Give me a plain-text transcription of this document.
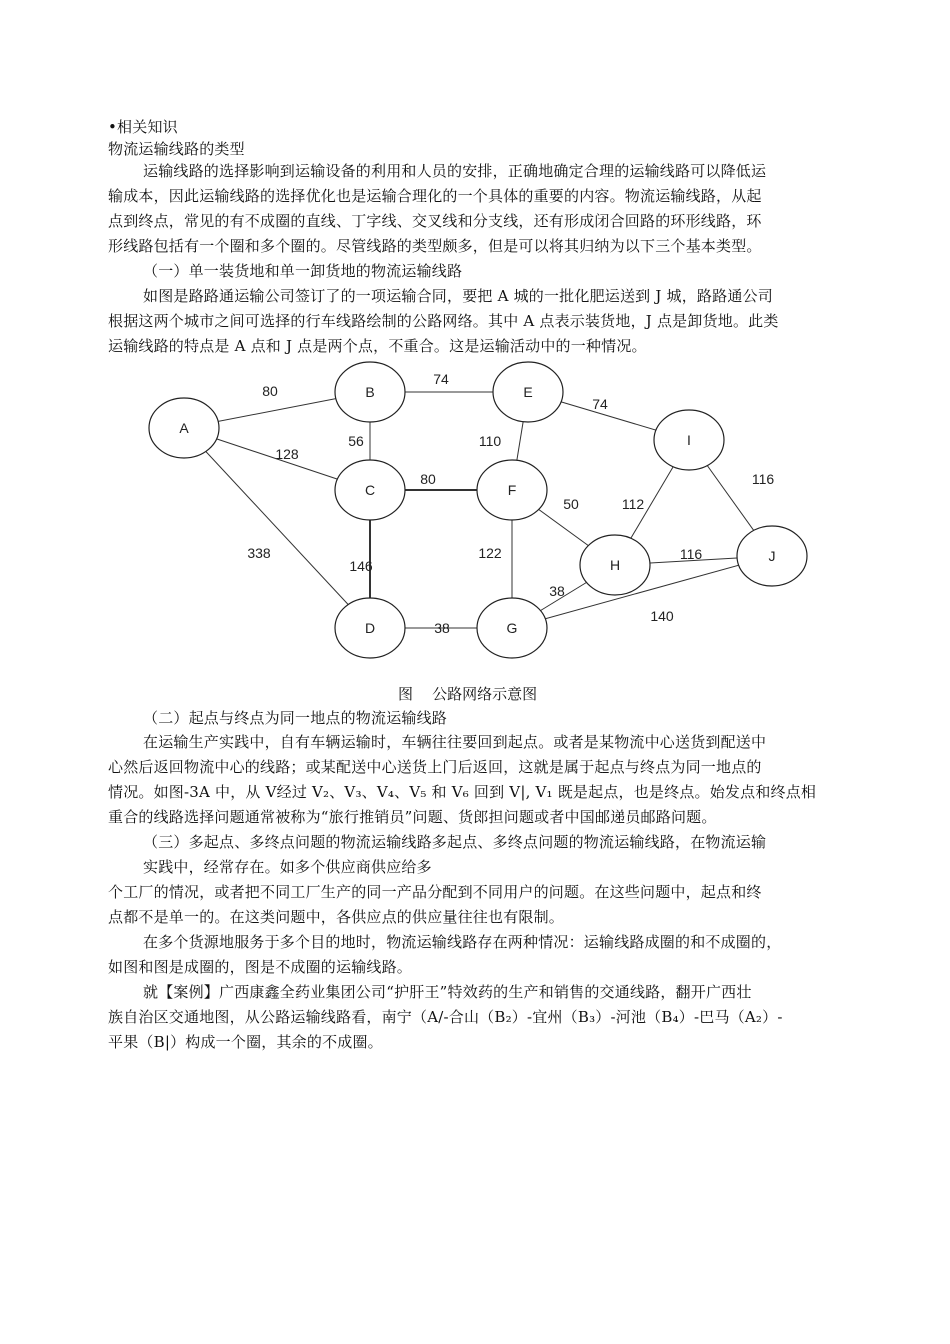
•相关知识
物流运输线路的类型
运输线路的选择影响到运输设备的利用和人员的安排，正确地确定合理的运输线路可以降低运
输成本，因此运输线路的选择优化也是运输合理化的一个具体的重要的内容。物流运输线路，从起
点到终点，常见的有不成圈的直线、丁字线、交叉线和分支线，还有形成闭合回路的环形线路，环
形线路包括有一个圈和多个圈的。尽管线路的类型颇多，但是可以将其归纳为以下三个基本类型。
（一）单一装货地和单一卸货地的物流运输线路
如图是路路通运输公司签订了的一项运输合同，要把 A 城的一批化肥运送到 J 城，路路通公司
根据这两个城市之间可选择的行车线路绘制的公路网络。其中 A 点表示装货地，J 点是卸货地。此类
运输线路的特点是 A 点和 J 点是两个点，不重合。这是运输活动中的一种情况。
A
B
C
D
E
F
G
H
I
J
80
128
338
56
74
80
146
110
74
50
122
38
38
140
112
116
116
图    公路网络示意图
（二）起点与终点为同一地点的物流运输线路
在运输生产实践中，自有车辆运输时，车辆往往要回到起点。或者是某物流中心送货到配送中
心然后返回物流中心的线路；或某配送中心送货上门后返回，这就是属于起点与终点为同一地点的
情况。如图-3A 中，从 V经过 V₂、V₃、V₄、V₅ 和 V₆ 回到 V|, V₁ 既是起点，也是终点。始发点和终点相
重合的线路选择问题通常被称为“旅行推销员”问题、货郎担问题或者中国邮递员邮路问题。
（三）多起点、多终点问题的物流运输线路多起点、多终点问题的物流运输线路，在物流运输
实践中，经常存在。如多个供应商供应给多
个工厂的情况，或者把不同工厂生产的同一产品分配到不同用户的问题。在这些问题中，起点和终
点都不是单一的。在这类问题中，各供应点的供应量往往也有限制。
在多个货源地服务于多个目的地时，物流运输线路存在两种情况：运输线路成圈的和不成圈的，
如图和图是成圈的，图是不成圈的运输线路。
就【案例】广西康鑫全药业集团公司“护肝王”特效药的生产和销售的交通线路，翻开广西壮
族自治区交通地图，从公路运输线路看，南宁（A/-合山（B₂）-宜州（B₃）-河池（B₄）-巴马（A₂）-
平果（B|）构成一个圈，其余的不成圈。
